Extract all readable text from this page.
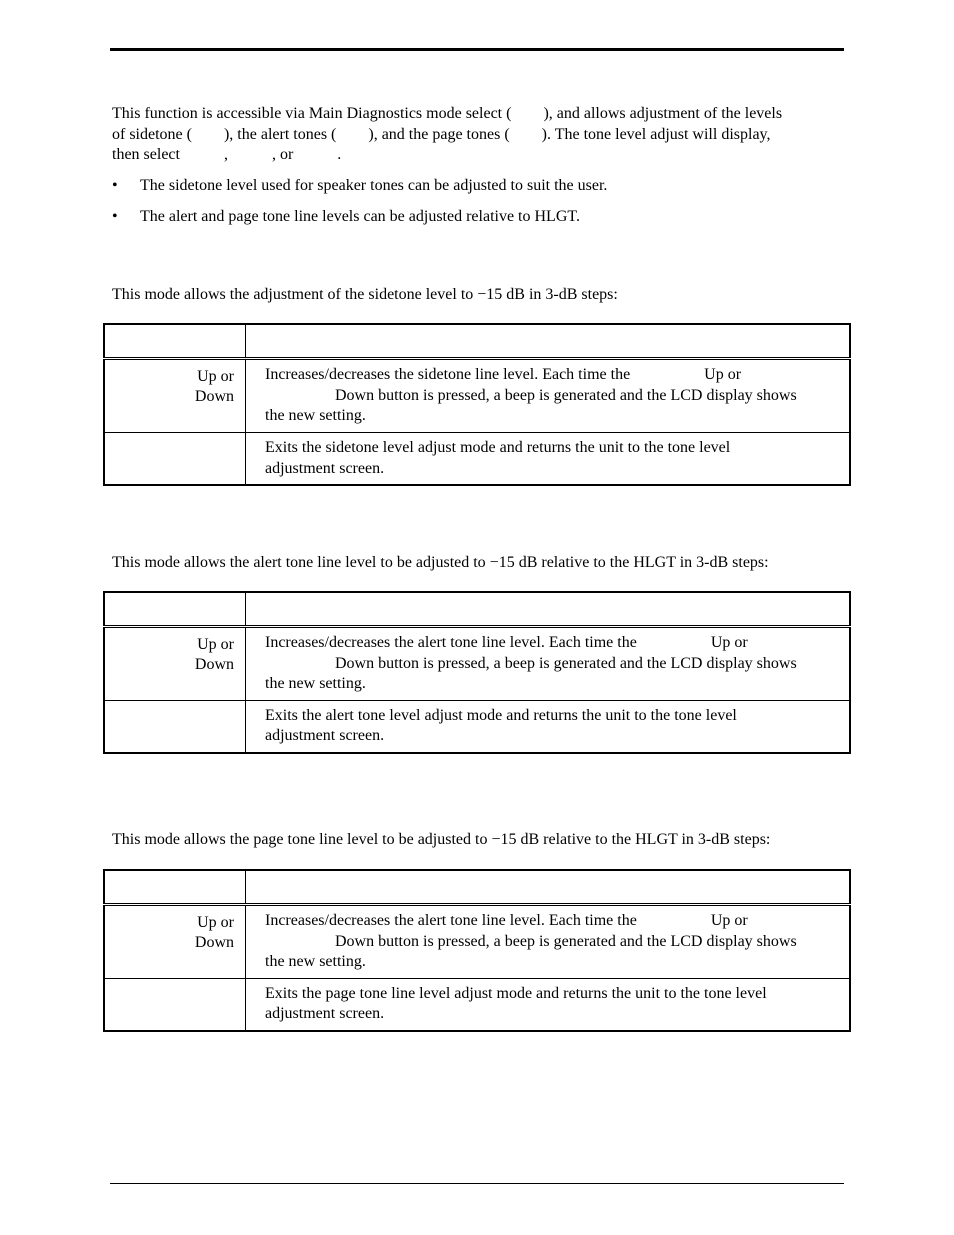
This function is accessible via Main Diagnostics mode select (  ), and allows adjustment of the levels
of sidetone (  ), the alert tones (  ), and the page tones (  ). The tone level adjust will display,
then select    ,    , or    .
•	The sidetone level used for speaker tones can be adjusted to suit the user.
•	The alert and page tone line levels can be adjusted relative to HLGT.
This mode allows the adjustment of the sidetone level to −15 dB in 3-dB steps:

Up or
Down	Increases/decreases the sidetone line level. Each time the Up or
Down button is pressed, a beep is generated and the LCD display shows
the new setting.

	Exits the sidetone level adjust mode and returns the unit to the tone level
adjustment screen.
This mode allows the alert tone line level to be adjusted to −15 dB relative to the HLGT in 3-dB steps:

Up or
Down	Increases/decreases the alert tone line level. Each time the Up or
Down button is pressed, a beep is generated and the LCD display shows
the new setting.

	Exits the alert tone level adjust mode and returns the unit to the tone level
adjustment screen.
This mode allows the page tone line level to be adjusted to −15 dB relative to the HLGT in 3-dB steps:

Up or
Down	Increases/decreases the alert tone line level. Each time the Up or
Down button is pressed, a beep is generated and the LCD display shows
the new setting.

	Exits the page tone line level adjust mode and returns the unit to the tone level
adjustment screen.
